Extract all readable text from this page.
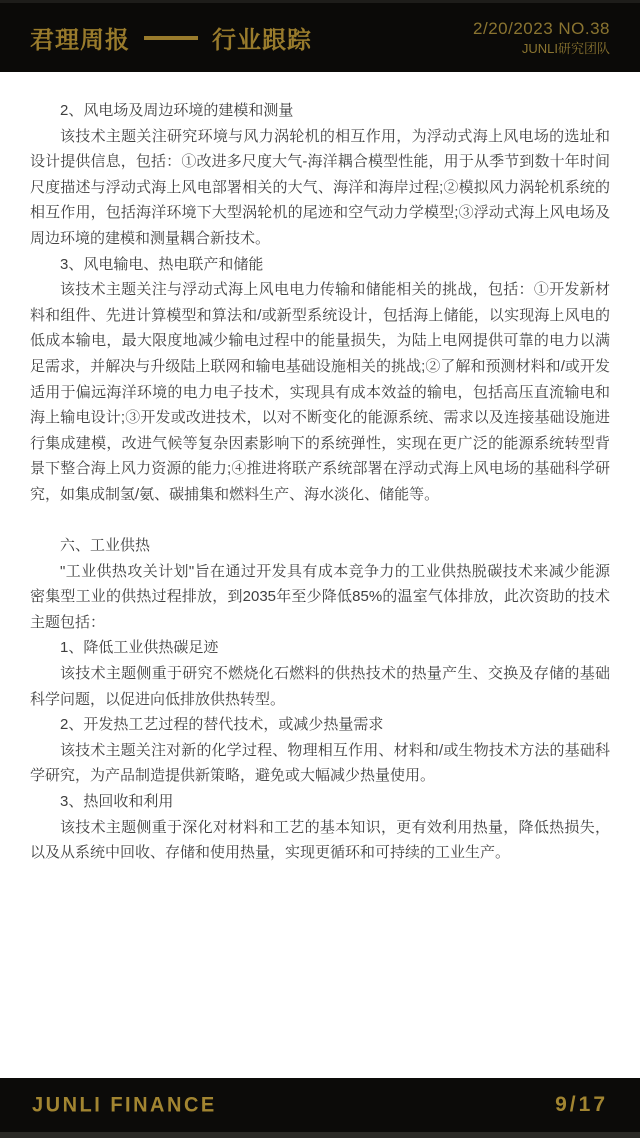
君理周报	行业跟踪	2/20/2023 NO.38
JUNLI研究团队

2、风电场及周边环境的建模和测量

该技术主题关注研究环境与风力涡轮机的相互作用，为浮动式海上风电场的选址和设计提供信息，包括：①改进多尺度大气-海洋耦合模型性能，用于从季节到数十年时间尺度描述与浮动式海上风电部署相关的大气、海洋和海岸过程;②模拟风力涡轮机系统的相互作用，包括海洋环境下大型涡轮机的尾迹和空气动力学模型;③浮动式海上风电场及周边环境的建模和测量耦合新技术。

3、风电输电、热电联产和储能

该技术主题关注与浮动式海上风电电力传输和储能相关的挑战，包括：①开发新材料和组件、先进计算模型和算法和/或新型系统设计，包括海上储能，以实现海上风电的低成本输电，最大限度地减少输电过程中的能量损失，为陆上电网提供可靠的电力以满足需求，并解决与升级陆上联网和输电基础设施相关的挑战;②了解和预测材料和/或开发适用于偏远海洋环境的电力电子技术，实现具有成本效益的输电，包括高压直流输电和海上输电设计;③开发或改进技术，以对不断变化的能源系统、需求以及连接基础设施进行集成建模，改进气候等复杂因素影响下的系统弹性，实现在更广泛的能源系统转型背景下整合海上风力资源的能力;④推进将联产系统部署在浮动式海上风电场的基础科学研究，如集成制氢/氨、碳捕集和燃料生产、海水淡化、储能等。

六、工业供热

"工业供热攻关计划"旨在通过开发具有成本竞争力的工业供热脱碳技术来减少能源密集型工业的供热过程排放，到2035年至少降低85%的温室气体排放，此次资助的技术主题包括：

1、降低工业供热碳足迹

该技术主题侧重于研究不燃烧化石燃料的供热技术的热量产生、交换及存储的基础科学问题，以促进向低排放供热转型。

2、开发热工艺过程的替代技术，或减少热量需求

该技术主题关注对新的化学过程、物理相互作用、材料和/或生物技术方法的基础科学研究，为产品制造提供新策略，避免或大幅减少热量使用。

3、热回收和利用

该技术主题侧重于深化对材料和工艺的基本知识，更有效利用热量，降低热损失，以及从系统中回收、存储和使用热量，实现更循环和可持续的工业生产。

JUNLI FINANCE	9/17
